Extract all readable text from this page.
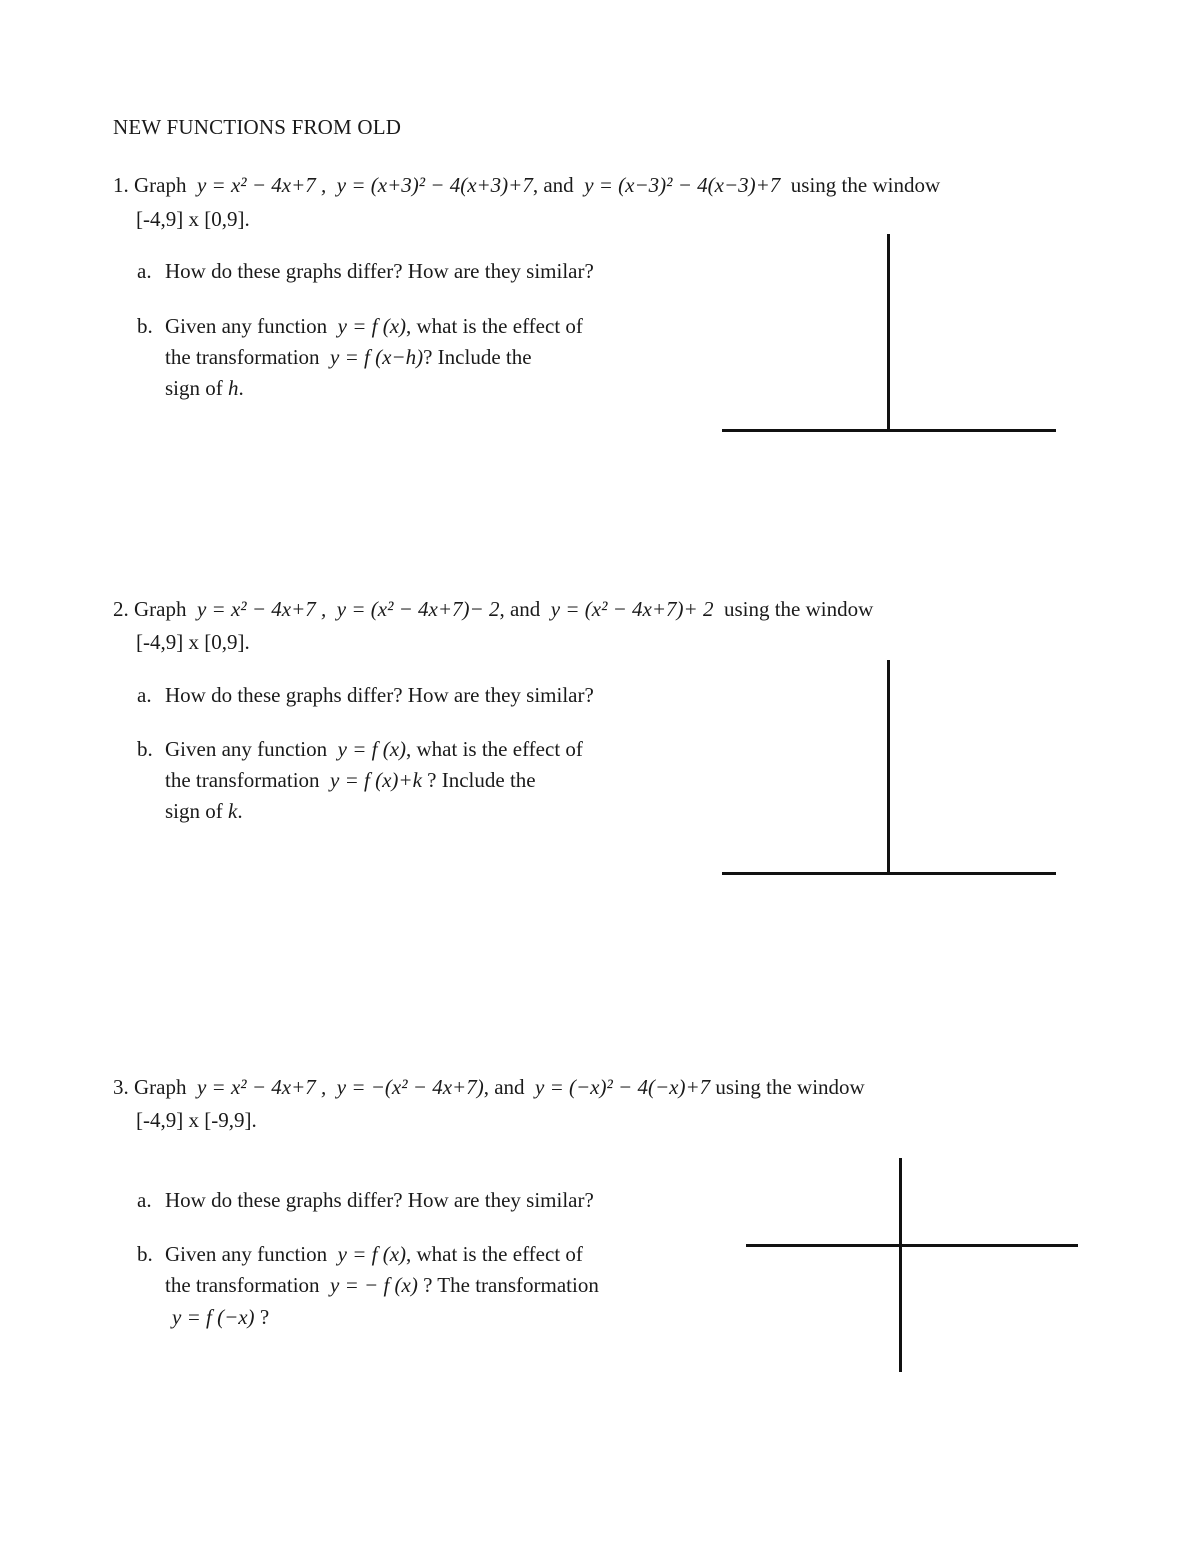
NEW FUNCTIONS FROM OLD
1. Graph y = x² − 4x+7 , y = (x+3)² − 4(x+3)+7, and y = (x−3)² − 4(x−3)+7 using the window
[-4,9] x [0,9].
a. How do these graphs differ? How are they similar?
b. Given any function y = f (x), what is the effect of
the transformation y = f (x−h)? Include the
sign of h.
2. Graph y = x² − 4x+7 , y = (x² − 4x+7)− 2, and y = (x² − 4x+7)+ 2 using the window
[-4,9] x [0,9].
a. How do these graphs differ? How are they similar?
b. Given any function y = f (x), what is the effect of
the transformation y = f (x)+k ? Include the
sign of k.
3. Graph y = x² − 4x+7 , y = −(x² − 4x+7), and y = (−x)² − 4(−x)+7 using the window
[-4,9] x [-9,9].
a. How do these graphs differ? How are they similar?
b. Given any function y = f (x), what is the effect of
the transformation y = − f (x) ? The transformation
y = f (−x) ?
